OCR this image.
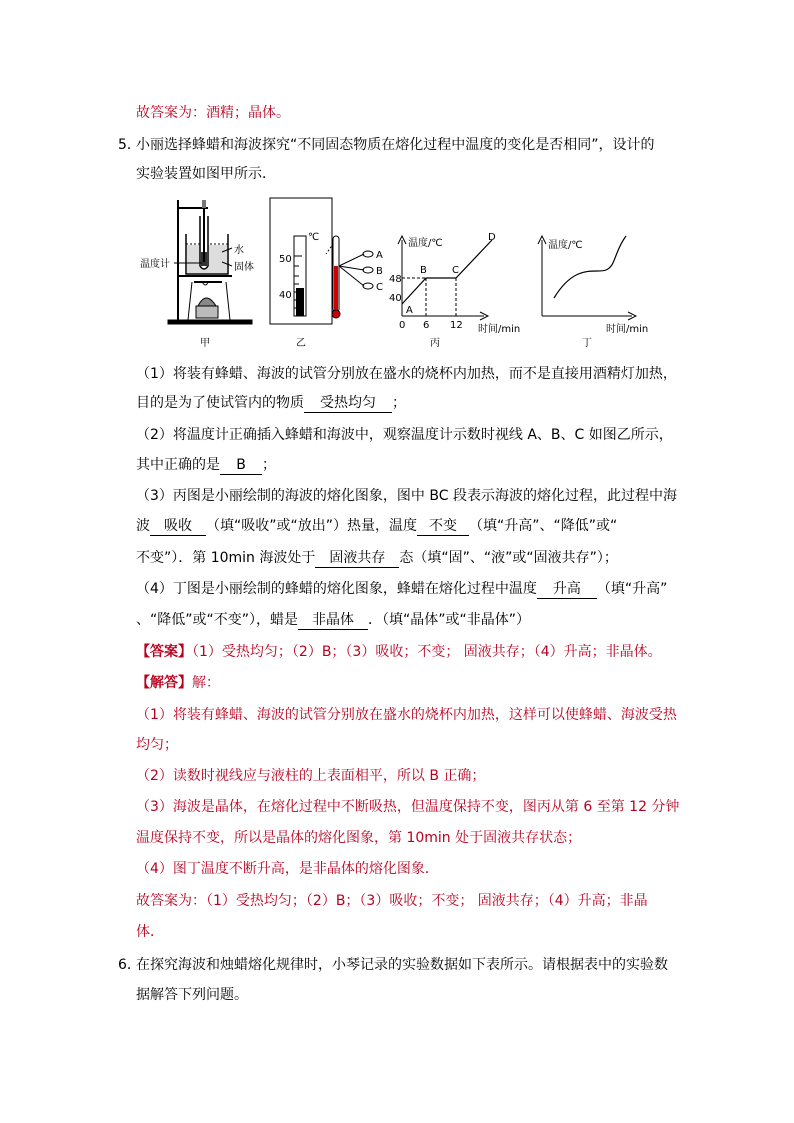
故答案为：酒精；晶体。
5．
小丽选择蜂蜡和海波探究“不同固态物质在熔化过程中温度的变化是否相同”，设计的
实验装置如图甲所示．
温度计
水
固体
甲
50
40
℃
A
B
C
乙
温度/℃
时间/min
48
40
0 6 12
A
B	C
D
丙
温度/℃
时间/min
丁
（1）将装有蜂蜡、海波的试管分别放在盛水的烧杯内加热，而不是直接用酒精灯加热，
目的是为了使试管内的物质 受热均匀 ；
（2）将温度计正确插入蜂蜡和海波中，观察温度计示数时视线 A、B、C 如图乙所示，
其中正确的是 B ；
（3）丙图是小丽绘制的海波的熔化图象，图中 BC 段表示海波的熔化过程，此过程中海
波 吸收 （填“吸收”或“放出”）热量，温度 不变 （填“升高”、“降低”或“
不变”）．第 10min 海波处于 固液共存 态（填“固”、“液”或“固液共存”）；
（4）丁图是小丽绘制的蜂蜡的熔化图象，蜂蜡在熔化过程中温度 升高 （填“升高”
、“降低”或“不变”），蜡是 非晶体 ．（填“晶体”或“非晶体”）
【答案】（1）受热均匀；（2）B；（3）吸收；不变； 固液共存；（4）升高；非晶体。
【解答】解：
（1）将装有蜂蜡、海波的试管分别放在盛水的烧杯内加热，这样可以使蜂蜡、海波受热
均匀；
（2）读数时视线应与液柱的上表面相平，所以 B 正确；
（3）海波是晶体，在熔化过程中不断吸热，但温度保持不变，图丙从第 6 至第 12 分钟
温度保持不变，所以是晶体的熔化图象，第 10min 处于固液共存状态；
（4）图丁温度不断升高，是非晶体的熔化图象．
故答案为：（1）受热均匀；（2）B；（3）吸收；不变； 固液共存；（4）升高；非晶
体．
6．
在探究海波和烛蜡熔化规律时，小琴记录的实验数据如下表所示。请根据表中的实验数
据解答下列问题。
